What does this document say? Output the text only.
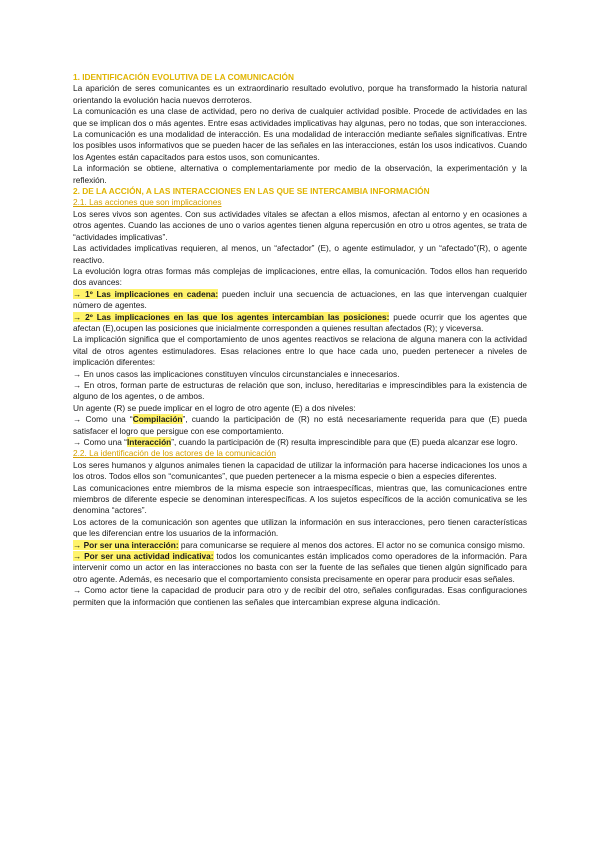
1. IDENTIFICACIÓN EVOLUTIVA DE LA COMUNICACIÓN

La aparición de seres comunicantes es un extraordinario resultado evolutivo, porque ha transformado la historia natural orientando la evolución hacia nuevos derroteros.

La comunicación es una clase de actividad, pero no deriva de cualquier actividad posible. Procede de actividades en las que se implican dos o más agentes. Entre esas actividades implicativas hay algunas, pero no todas, que son interacciones. La comunicación es una modalidad de interacción. Es una modalidad de interacción mediante señales significativas. Entre los posibles usos informativos que se pueden hacer de las señales en las interacciones, están los usos indicativos. Cuando los Agentes están capacitados para estos usos, son comunicantes.

La información se obtiene, alternativa o complementariamente por medio de la observación, la experimentación y la reflexión.

2. DE LA ACCIÓN, A LAS INTERACCIONES EN LAS QUE SE INTERCAMBIA INFORMACIÓN

2.1. Las acciones que son implicaciones

Los seres vivos son agentes. Con sus actividades vitales se afectan a ellos mismos, afectan al entorno y en ocasiones a otros agentes. Cuando las acciones de uno o varios agentes tienen alguna repercusión en otro u otros agentes, se trata de “actividades implicativas”.

Las actividades implicativas requieren, al menos, un “afectador” (E), o agente estimulador, y un “afectado”(R), o agente reactivo.

La evolución logra otras formas más complejas de implicaciones, entre ellas, la comunicación. Todos ellos han requerido dos avances:

→ 1º Las implicaciones en cadena: pueden incluir una secuencia de actuaciones, en las que intervengan cualquier número de agentes.

→ 2º Las implicaciones en las que los agentes intercambian las posiciones: puede ocurrir que los agentes que afectan (E),ocupen las posiciones que inicialmente corresponden a quienes resultan afectados (R); y viceversa.

La implicación significa que el comportamiento de unos agentes reactivos se relaciona de alguna manera con la actividad vital de otros agentes estimuladores. Esas relaciones entre lo que hace cada uno, pueden pertenecer a niveles de implicación diferentes:

→ En unos casos las implicaciones constituyen vínculos circunstanciales e innecesarios.

→ En otros, forman parte de estructuras de relación que son, incluso, hereditarias e imprescindibles para la existencia de alguno de los agentes, o de ambos.

Un agente (R) se puede implicar en el logro de otro agente (E) a dos niveles:

→ Como una “Compilación”, cuando la participación de (R) no está necesariamente requerida para que (E) pueda satisfacer el logro que persigue con ese comportamiento.

→ Como una “Interacción”, cuando la participación de (R) resulta imprescindible para que (E) pueda alcanzar ese logro.

2.2. La identificación de los actores de la comunicación

Los seres humanos y algunos animales tienen la capacidad de utilizar la información para hacerse indicaciones los unos a los otros. Todos ellos son “comunicantes”, que pueden pertenecer a la misma especie o bien a especies diferentes.

Las comunicaciones entre miembros de la misma especie son intraespecíficas, mientras que, las comunicaciones entre miembros de diferente especie se denominan interespecíficas. A los sujetos específicos de la acción comunicativa se les denomina “actores”.

Los actores de la comunicación son agentes que utilizan la información en sus interacciones, pero tienen características que les diferencian entre los usuarios de la información.

→ Por ser una interacción: para comunicarse se requiere al menos dos actores. El actor no se comunica consigo mismo.

→ Por ser una actividad indicativa: todos los comunicantes están implicados como operadores de la información. Para intervenir como un actor en las interacciones no basta con ser la fuente de las señales que tienen algún significado para otro agente. Además, es necesario que el comportamiento consista precisamente en operar para producir esas señales.

→ Como actor tiene la capacidad de producir para otro y de recibir del otro, señales configuradas. Esas configuraciones permiten que la información que contienen las señales que intercambian exprese alguna indicación.
